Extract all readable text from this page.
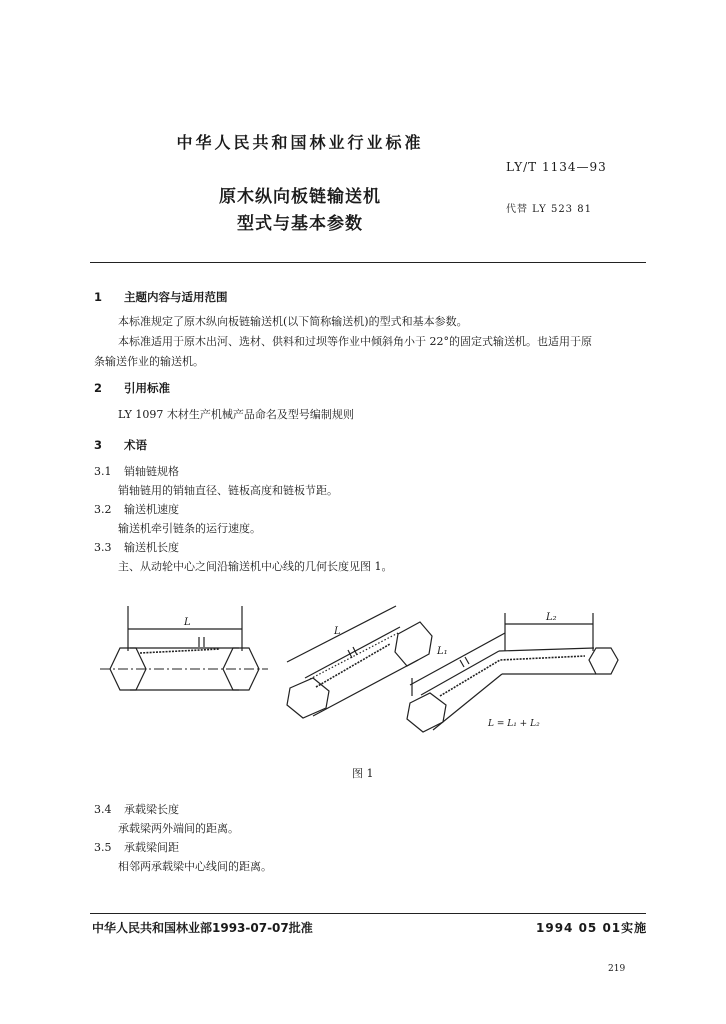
中华人民共和国林业行业标准
LY/T 1134—93
原木纵向板链输送机
代替 LY 523 81
型式与基本参数
1 主题内容与适用范围
本标准规定了原木纵向板链输送机(以下简称输送机)的型式和基本参数。
本标准适用于原木出河、选材、供料和过坝等作业中倾斜角小于 22°的固定式输送机。也适用于原
条输送作业的输送机。
2 引用标准
LY 1097 木材生产机械产品命名及型号编制规则
3 术语
3.1 销轴链规格
销轴链用的销轴直径、链板高度和链板节距。
3.2 输送机速度
输送机牵引链条的运行速度。
3.3 输送机长度
主、从动轮中心之间沿输送机中心线的几何长度见图 1。
L
L
L₂
L₁
L = L₁ + L₂
图 1
3.4 承载梁长度
承载梁两外端间的距离。
3.5 承载梁间距
相邻两承载梁中心线间的距离。
中华人民共和国林业部1993-07-07批准	1994 05 01实施
219
